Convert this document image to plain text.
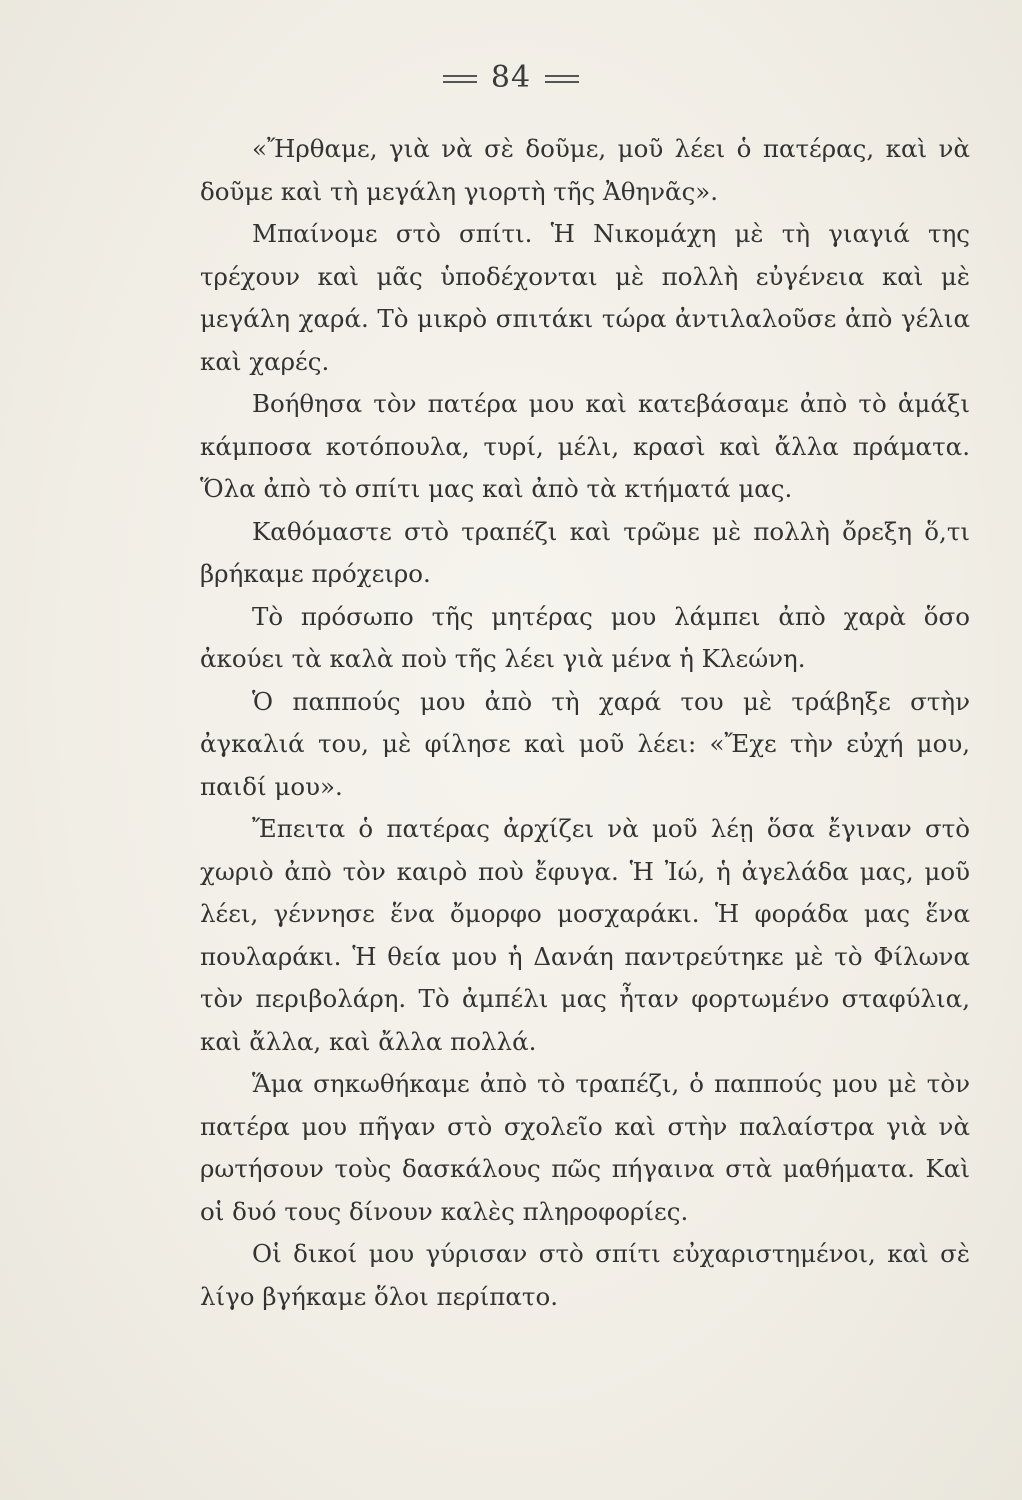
84

«Ἤρθαμε, γιὰ νὰ σὲ δοῦμε, μοῦ λέει ὁ πατέρας, καὶ νὰ δοῦμε καὶ τὴ μεγάλη γιορτὴ τῆς Ἀθηνᾶς».

Μπαίνομε στὸ σπίτι. Ἡ Νικομάχη μὲ τὴ γιαγιά της τρέχουν καὶ μᾶς ὑποδέχονται μὲ πολλὴ εὐγένεια καὶ μὲ μεγάλη χαρά. Τὸ μικρὸ σπιτάκι τώρα ἀντιλαλοῦσε ἀπὸ γέλια καὶ χαρές.

Βοήθησα τὸν πατέρα μου καὶ κατεβάσαμε ἀπὸ τὸ ἁμάξι κάμποσα κοτόπουλα, τυρί, μέλι, κρασὶ καὶ ἄλλα πράματα. Ὅλα ἀπὸ τὸ σπίτι μας καὶ ἀπὸ τὰ κτήματά μας.

Καθόμαστε στὸ τραπέζι καὶ τρῶμε μὲ πολλὴ ὄρεξη ὅ,τι βρήκαμε πρόχειρο.

Τὸ πρόσωπο τῆς μητέρας μου λάμπει ἀπὸ χαρὰ ὅσο ἀκούει τὰ καλὰ ποὺ τῆς λέει γιὰ μένα ἡ Κλεώνη.

Ὁ παππούς μου ἀπὸ τὴ χαρά του μὲ τράβηξε στὴν ἀγκαλιά του, μὲ φίλησε καὶ μοῦ λέει: «Ἔχε τὴν εὐχή μου, παιδί μου».

Ἔπειτα ὁ πατέρας ἀρχίζει νὰ μοῦ λέῃ ὅσα ἔγιναν στὸ χωριὸ ἀπὸ τὸν καιρὸ ποὺ ἔφυγα. Ἡ Ἰώ, ἡ ἀγελάδα μας, μοῦ λέει, γέννησε ἕνα ὄμορφο μοσχαράκι. Ἡ φοράδα μας ἕνα πουλαράκι. Ἡ θεία μου ἡ Δανάη παντρεύτηκε μὲ τὸ Φίλωνα τὸν περιβολάρη. Τὸ ἀμπέλι μας ἦταν φορτωμένο σταφύλια, καὶ ἄλλα, καὶ ἄλλα πολλά.

Ἅμα σηκωθήκαμε ἀπὸ τὸ τραπέζι, ὁ παππούς μου μὲ τὸν πατέρα μου πῆγαν στὸ σχολεῖο καὶ στὴν παλαίστρα γιὰ νὰ ρωτήσουν τοὺς δασκάλους πῶς πήγαινα στὰ μαθήματα. Καὶ οἱ δυό τους δίνουν καλὲς πληροφορίες.

Οἱ δικοί μου γύρισαν στὸ σπίτι εὐχαριστημένοι, καὶ σὲ λίγο βγήκαμε ὅλοι περίπατο.
